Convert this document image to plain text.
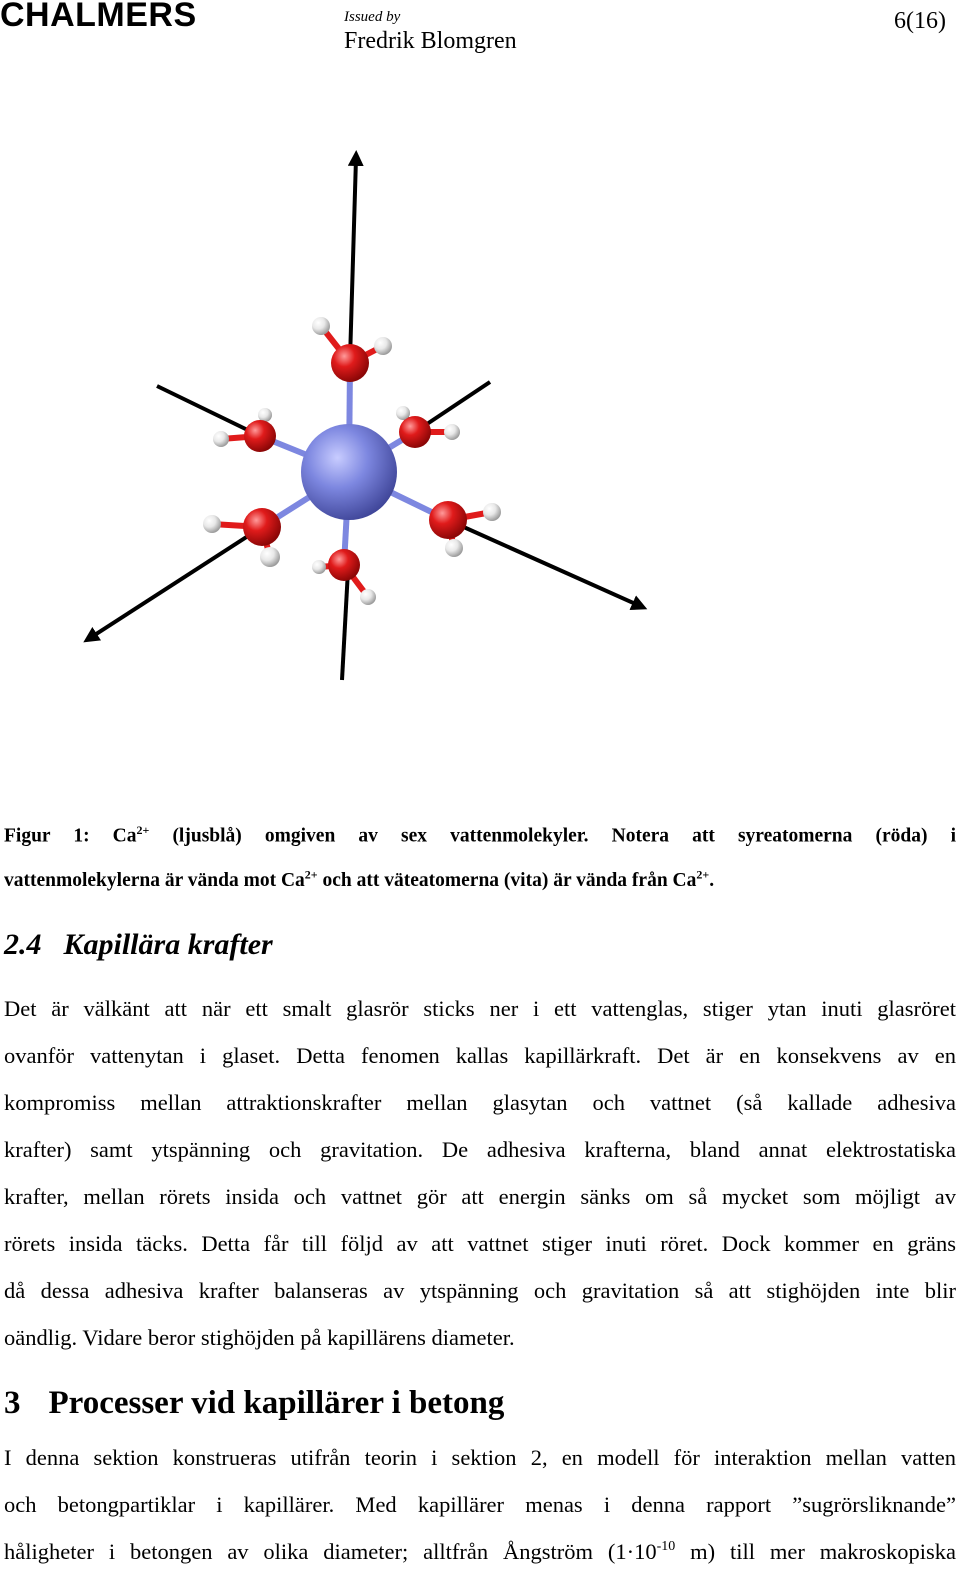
CHALMERS	Issued by
Fredrik Blomgren
6(16)
Figur 1: $Ca^{2+}$ (ljusblå) omgiven av sex vattenmolekyler. Notera att syreatomerna (röda) i
vattenmolekylerna är vända mot $Ca^{2+}$ och att väteatomerna (vita) är vända från $Ca^{2+}$.
2.4 Kapillära krafter
Det är välkänt att när ett smalt glasrör sticks ner i ett vattenglas, stiger ytan inuti glasröret
ovanför vattenytan i glaset. Detta fenomen kallas kapillärkraft. Det är en konsekvens av en
kompromiss mellan attraktionskrafter mellan glasytan och vattnet (så kallade adhesiva
krafter) samt ytspänning och gravitation. De adhesiva krafterna, bland annat elektrostatiska
krafter, mellan rörets insida och vattnet gör att energin sänks om så mycket som möjligt av
rörets insida täcks. Detta får till följd av att vattnet stiger inuti röret. Dock kommer en gräns
då dessa adhesiva krafter balanseras av ytspänning och gravitation så att stighöjden inte blir
oändlig. Vidare beror stighöjden på kapillärens diameter.
3 Processer vid kapillärer i betong
I denna sektion konstrueras utifrån teorin i sektion 2, en modell för interaktion mellan vatten
och betongpartiklar i kapillärer. Med kapillärer menas i denna rapport ”sugrörsliknande”
håligheter i betongen av olika diameter; alltfrån Ångström ($1\cdot 10^{-10}$ m) till mer makroskopiska
